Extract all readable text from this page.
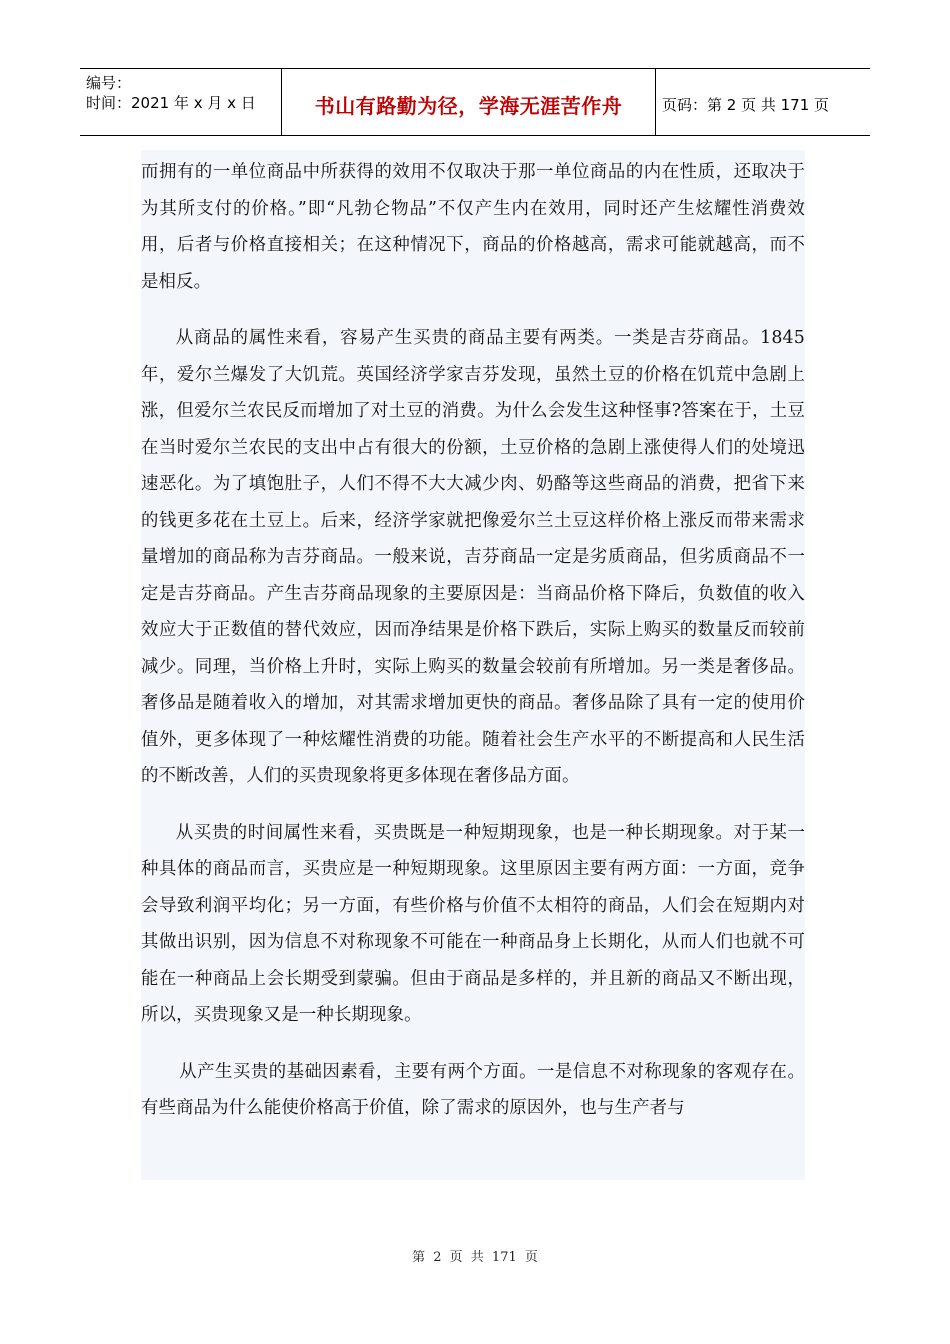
编号：
时间：2021 年 x 月 x 日	书山有路勤为径，学海无涯苦作舟	页码：第 2 页 共 171 页

而拥有的一单位商品中所获得的效用不仅取决于那一单位商品的内在性质，还取决于为其所支付的价格。”即“凡勃仑物品”不仅产生内在效用，同时还产生炫耀性消费效用，后者与价格直接相关；在这种情况下，商品的价格越高，需求可能就越高，而不是相反。

从商品的属性来看，容易产生买贵的商品主要有两类。一类是吉芬商品。1845 年，爱尔兰爆发了大饥荒。英国经济学家吉芬发现，虽然土豆的价格在饥荒中急剧上涨，但爱尔兰农民反而增加了对土豆的消费。为什么会发生这种怪事?答案在于，土豆在当时爱尔兰农民的支出中占有很大的份额，土豆价格的急剧上涨使得人们的处境迅速恶化。为了填饱肚子，人们不得不大大减少肉、奶酪等这些商品的消费，把省下来的钱更多花在土豆上。后来，经济学家就把像爱尔兰土豆这样价格上涨反而带来需求量增加的商品称为吉芬商品。一般来说，吉芬商品一定是劣质商品，但劣质商品不一定是吉芬商品。产生吉芬商品现象的主要原因是：当商品价格下降后，负数值的收入效应大于正数值的替代效应，因而净结果是价格下跌后，实际上购买的数量反而较前减少。同理，当价格上升时，实际上购买的数量会较前有所增加。另一类是奢侈品。奢侈品是随着收入的增加，对其需求增加更快的商品。奢侈品除了具有一定的使用价值外，更多体现了一种炫耀性消费的功能。随着社会生产水平的不断提高和人民生活的不断改善，人们的买贵现象将更多体现在奢侈品方面。

从买贵的时间属性来看，买贵既是一种短期现象，也是一种长期现象。对于某一种具体的商品而言，买贵应是一种短期现象。这里原因主要有两方面：一方面，竞争会导致利润平均化；另一方面，有些价格与价值不太相符的商品，人们会在短期内对其做出识别，因为信息不对称现象不可能在一种商品身上长期化，从而人们也就不可能在一种商品上会长期受到蒙骗。但由于商品是多样的，并且新的商品又不断出现，所以，买贵现象又是一种长期现象。

从产生买贵的基础因素看，主要有两个方面。一是信息不对称现象的客观存在。有些商品为什么能使价格高于价值，除了需求的原因外，也与生产者与

第 2 页 共 171 页
